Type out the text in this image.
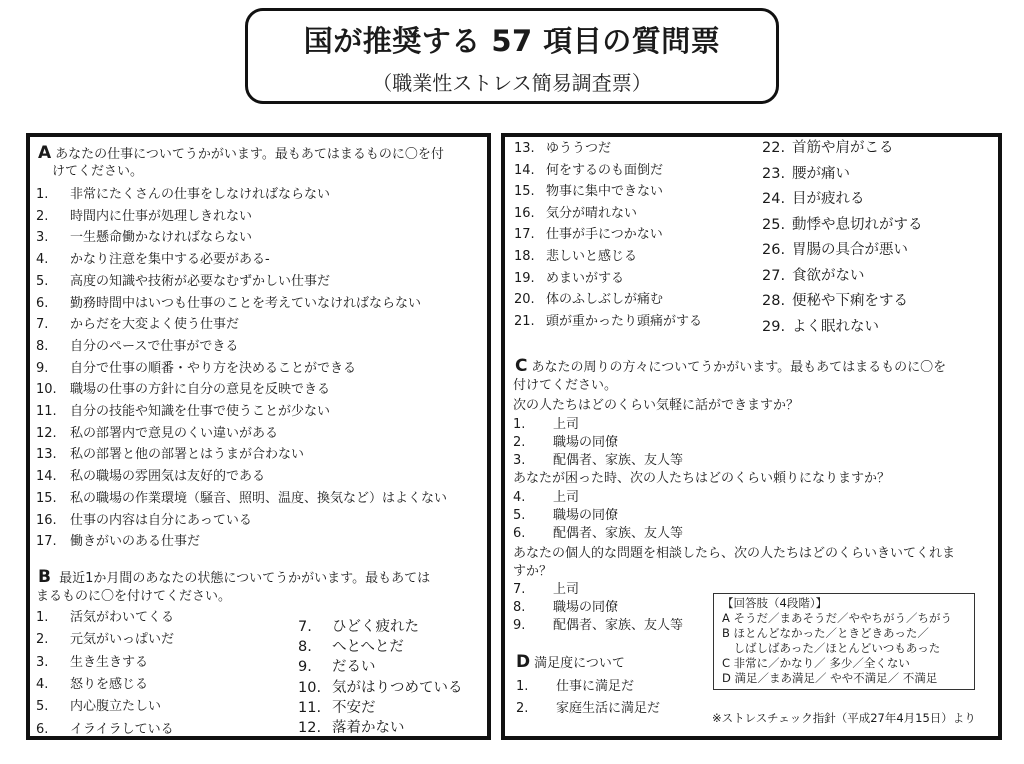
国が推奨する 57 項目の質問票
（職業性ストレス簡易調査票）
A あなたの仕事についてうかがいます。最もあてはまるものに〇を付
けてください。
1. 非常にたくさんの仕事をしなければならない
2. 時間内に仕事が処理しきれない
3. 一生懸命働かなければならない
4. かなり注意を集中する必要がある-
5. 高度の知識や技術が必要なむずかしい仕事だ
6. 勤務時間中はいつも仕事のことを考えていなければならない
7. からだを大変よく使う仕事だ
8. 自分のペースで仕事ができる
9. 自分で仕事の順番・やり方を決めることができる
10. 職場の仕事の方針に自分の意見を反映できる
11. 自分の技能や知識を仕事で使うことが少ない
12. 私の部署内で意見のくい違いがある
13. 私の部署と他の部署とはうまが合わない
14. 私の職場の雰囲気は友好的である
15. 私の職場の作業環境（騒音、照明、温度、換気など）はよくない
16. 仕事の内容は自分にあっている
17. 働きがいのある仕事だ
B 最近1か月間のあなたの状態についてうかがいます。最もあては
まるものに〇を付けてください。
1. 活気がわいてくる
2. 元気がいっぱいだ
3. 生き生きする
4. 怒りを感じる
5. 内心腹立たしい
6. イライラしている
7. ひどく疲れた
8. へとへとだ
9. だるい
10. 気がはりつめている
11. 不安だ
12. 落着かない
13. ゆううつだ
14. 何をするのも面倒だ
15. 物事に集中できない
16. 気分が晴れない
17. 仕事が手につかない
18. 悲しいと感じる
19. めまいがする
20. 体のふしぶしが痛む
21. 頭が重かったり頭痛がする
22. 首筋や肩がこる
23. 腰が痛い
24. 目が疲れる
25. 動悸や息切れがする
26. 胃腸の具合が悪い
27. 食欲がない
28. 便秘や下痢をする
29. よく眠れない
C あなたの周りの方々についてうかがいます。最もあてはまるものに〇を
付けてください。
次の人たちはどのくらい気軽に話ができますか？
1. 上司
2. 職場の同僚
3. 配偶者、家族、友人等
あなたが困った時、次の人たちはどのくらい頼りになりますか？
4. 上司
5. 職場の同僚
6. 配偶者、家族、友人等
あなたの個人的な問題を相談したら、次の人たちはどのくらいきいてくれま
すか？
7. 上司
8. 職場の同僚
9. 配偶者、家族、友人等
D 満足度について
1. 仕事に満足だ
2. 家庭生活に満足だ
【回答肢（4段階）】
A そうだ／まあそうだ／ややちがう／ちがう
B ほとんどなかった／ときどきあった／
　しばしばあった／ほとんどいつもあった
C 非常に／かなり／ 多少／全くない
D 満足／まあ満足／ やや不満足／ 不満足
※ストレスチェック指針（平成27年4月15日）より
